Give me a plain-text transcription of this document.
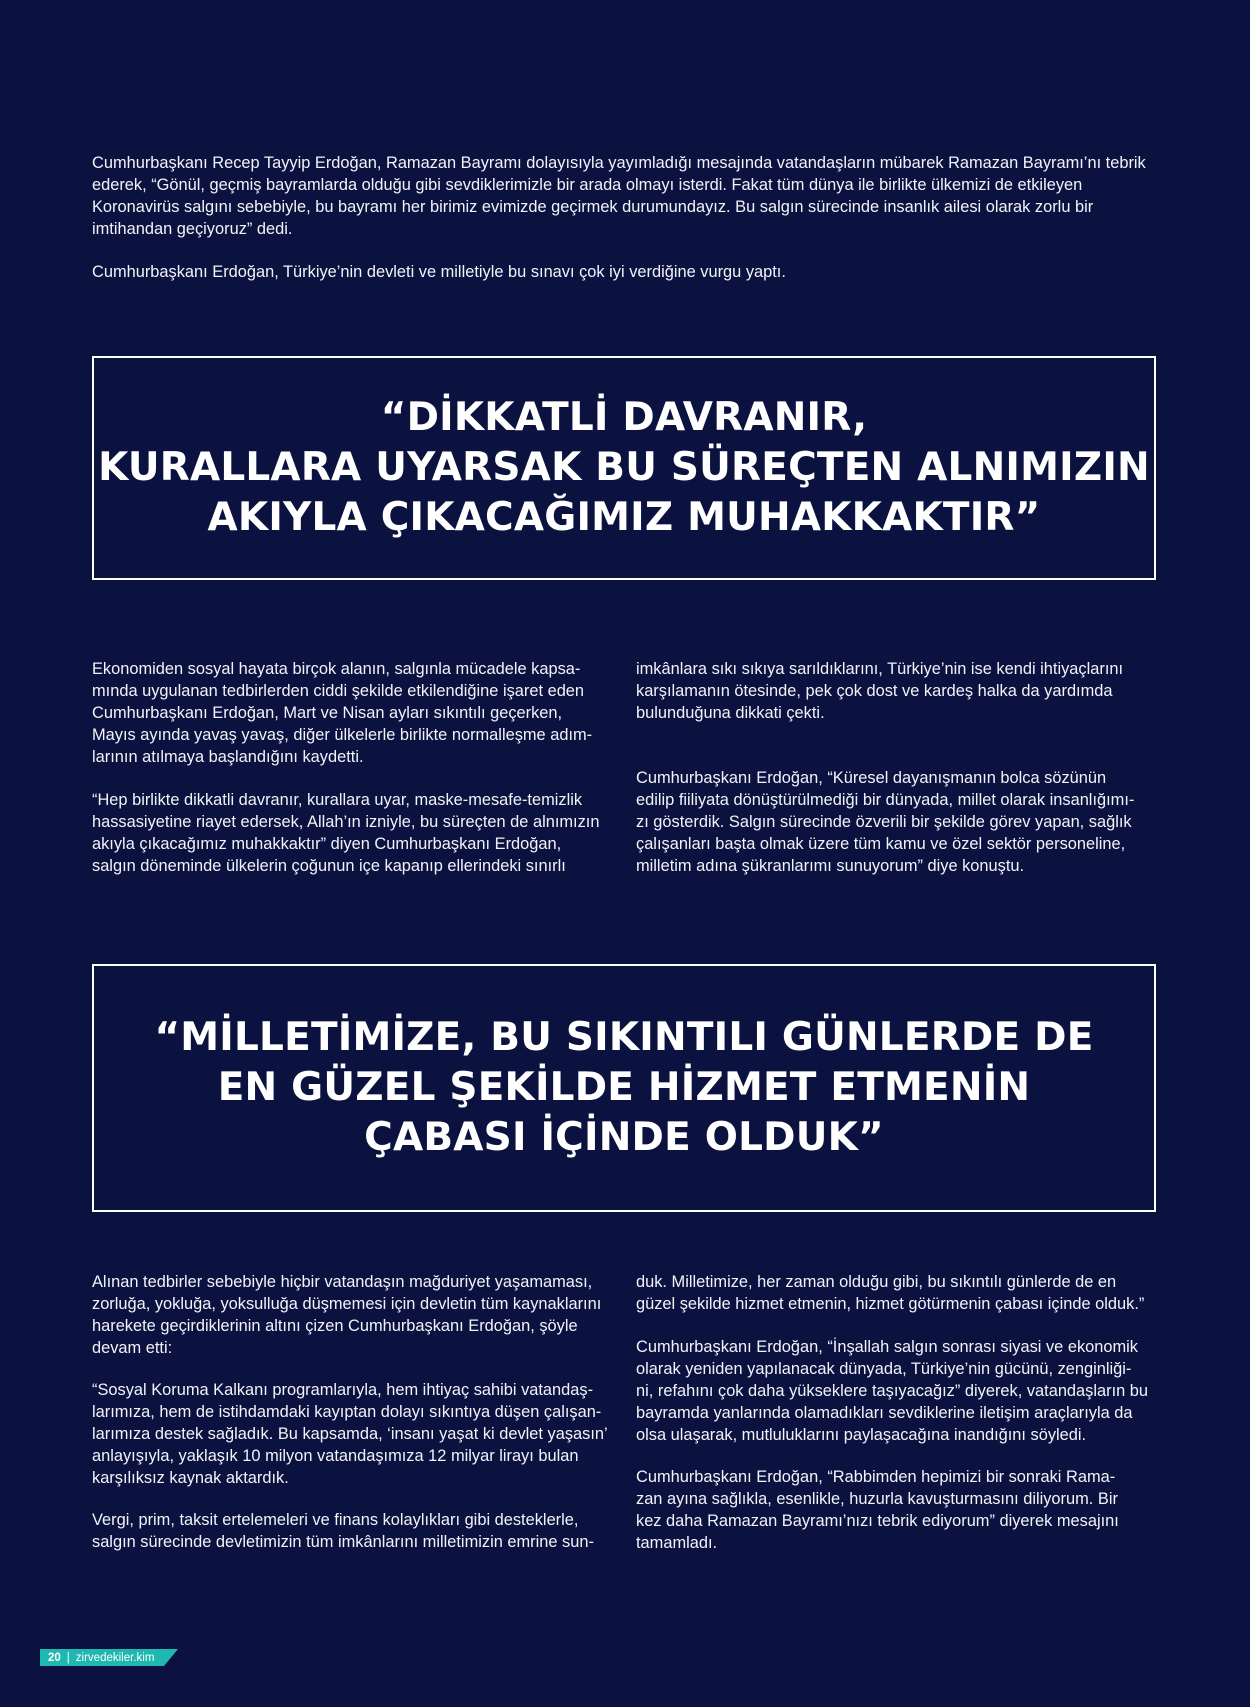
Cumhurbaşkanı Recep Tayyip Erdoğan, Ramazan Bayramı dolayısıyla yayımladığı mesajında vatandaşların mübarek Ramazan Bayramı’nı tebrik
ederek, “Gönül, geçmiş bayramlarda olduğu gibi sevdiklerimizle bir arada olmayı isterdi. Fakat tüm dünya ile birlikte ülkemizi de etkileyen
Koronavirüs salgını sebebiyle, bu bayramı her birimiz evimizde geçirmek durumundayız. Bu salgın sürecinde insanlık ailesi olarak zorlu bir
imtihandan geçiyoruz” dedi.

Cumhurbaşkanı Erdoğan, Türkiye’nin devleti ve milletiyle bu sınavı çok iyi verdiğine vurgu yaptı.

“DİKKATLİ DAVRANIR,
KURALLARA UYARSAK BU SÜREÇTEN ALNIMIZIN
AKIYLA ÇIKACAĞIMIZ MUHAKKAKTIR”

Ekonomiden sosyal hayata birçok alanın, salgınla mücadele kapsa-
mında uygulanan tedbirlerden ciddi şekilde etkilendiğine işaret eden
Cumhurbaşkanı Erdoğan, Mart ve Nisan ayları sıkıntılı geçerken,
Mayıs ayında yavaş yavaş, diğer ülkelerle birlikte normalleşme adım-
larının atılmaya başlandığını kaydetti.

“Hep birlikte dikkatli davranır, kurallara uyar, maske-mesafe-temizlik
hassasiyetine riayet edersek, Allah’ın izniyle, bu süreçten de alnımızın
akıyla çıkacağımız muhakkaktır” diyen Cumhurbaşkanı Erdoğan,
salgın döneminde ülkelerin çoğunun içe kapanıp ellerindeki sınırlı

imkânlara sıkı sıkıya sarıldıklarını, Türkiye’nin ise kendi ihtiyaçlarını
karşılamanın ötesinde, pek çok dost ve kardeş halka da yardımda
bulunduğuna dikkati çekti.

Cumhurbaşkanı Erdoğan, “Küresel dayanışmanın bolca sözünün
edilip fiiliyata dönüştürülmediği bir dünyada, millet olarak insanlığımı-
zı gösterdik. Salgın sürecinde özverili bir şekilde görev yapan, sağlık
çalışanları başta olmak üzere tüm kamu ve özel sektör personeline,
milletim adına şükranlarımı sunuyorum” diye konuştu.

“MİLLETİMİZE, BU SIKINTILI GÜNLERDE DE
EN GÜZEL ŞEKİLDE HİZMET ETMENİN
ÇABASI İÇİNDE OLDUK”

Alınan tedbirler sebebiyle hiçbir vatandaşın mağduriyet yaşamaması,
zorluğa, yokluğa, yoksulluğa düşmemesi için devletin tüm kaynaklarını
harekete geçirdiklerinin altını çizen Cumhurbaşkanı Erdoğan, şöyle
devam etti:

“Sosyal Koruma Kalkanı programlarıyla, hem ihtiyaç sahibi vatandaş-
larımıza, hem de istihdamdaki kayıptan dolayı sıkıntıya düşen çalışan-
larımıza destek sağladık. Bu kapsamda, ‘insanı yaşat ki devlet yaşasın’
anlayışıyla, yaklaşık 10 milyon vatandaşımıza 12 milyar lirayı bulan
karşılıksız kaynak aktardık.

Vergi, prim, taksit ertelemeleri ve finans kolaylıkları gibi desteklerle,
salgın sürecinde devletimizin tüm imkânlarını milletimizin emrine sun-

duk. Milletimize, her zaman olduğu gibi, bu sıkıntılı günlerde de en
güzel şekilde hizmet etmenin, hizmet götürmenin çabası içinde olduk.”

Cumhurbaşkanı Erdoğan, “İnşallah salgın sonrası siyasi ve ekonomik
olarak yeniden yapılanacak dünyada, Türkiye’nin gücünü, zenginliği-
ni, refahını çok daha yükseklere taşıyacağız” diyerek, vatandaşların bu
bayramda yanlarında olamadıkları sevdiklerine iletişim araçlarıyla da
olsa ulaşarak, mutluluklarını paylaşacağına inandığını söyledi.

Cumhurbaşkanı Erdoğan, “Rabbimden hepimizi bir sonraki Rama-
zan ayına sağlıkla, esenlikle, huzurla kavuşturmasını diliyorum. Bir
kez daha Ramazan Bayramı’nızı tebrik ediyorum” diyerek mesajını
tamamladı.

20 | zirvedekiler.kim
